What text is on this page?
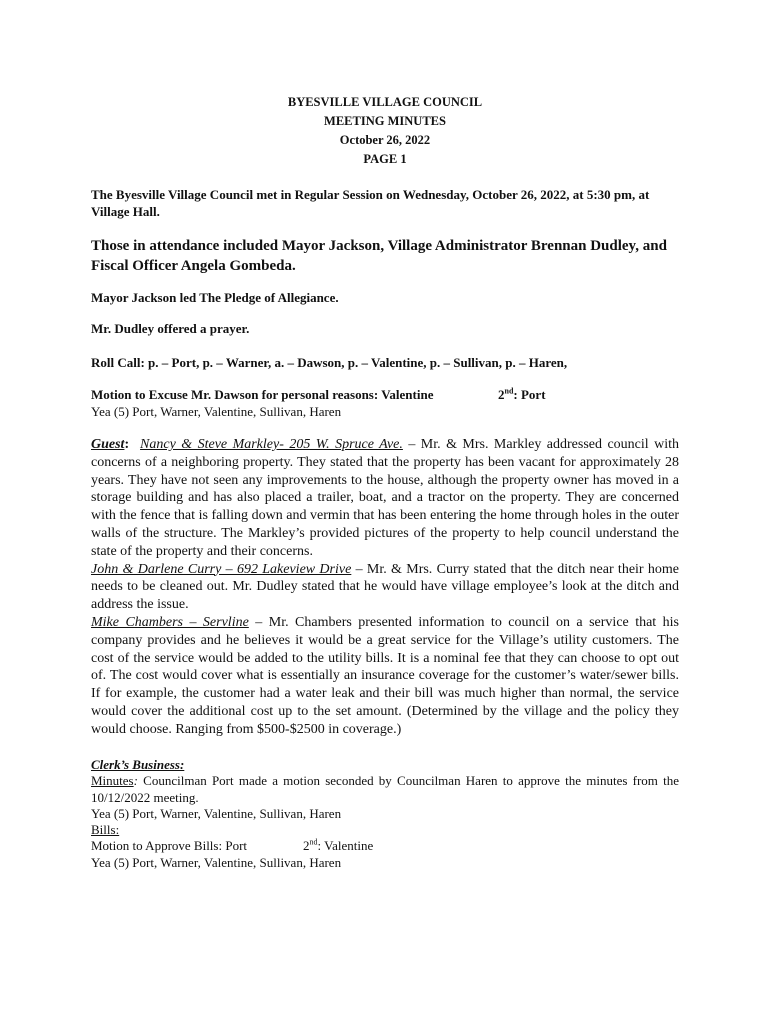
BYESVILLE VILLAGE COUNCIL
MEETING MINUTES
October 26, 2022
PAGE 1
The Byesville Village Council met in Regular Session on Wednesday, October 26, 2022, at 5:30 pm, at Village Hall.
Those in attendance included Mayor Jackson, Village Administrator Brennan Dudley, and Fiscal Officer Angela Gombeda.
Mayor Jackson led The Pledge of Allegiance.
Mr. Dudley offered a prayer.
Roll Call: p. – Port, p. – Warner, a. – Dawson, p. – Valentine, p. – Sullivan, p. – Haren,
Motion to Excuse Mr. Dawson for personal reasons: Valentine	2nd: Port
Yea (5) Port, Warner, Valentine, Sullivan, Haren
Guest: Nancy & Steve Markley- 205 W. Spruce Ave. – Mr. & Mrs. Markley addressed council with concerns of a neighboring property. They stated that the property has been vacant for approximately 28 years. They have not seen any improvements to the house, although the property owner has moved in a storage building and has also placed a trailer, boat, and a tractor on the property. They are concerned with the fence that is falling down and vermin that has been entering the home through holes in the outer walls of the structure. The Markley’s provided pictures of the property to help council understand the state of the property and their concerns.
John & Darlene Curry – 692 Lakeview Drive – Mr. & Mrs. Curry stated that the ditch near their home needs to be cleaned out. Mr. Dudley stated that he would have village employee’s look at the ditch and address the issue.
Mike Chambers – Servline – Mr. Chambers presented information to council on a service that his company provides and he believes it would be a great service for the Village’s utility customers. The cost of the service would be added to the utility bills. It is a nominal fee that they can choose to opt out of. The cost would cover what is essentially an insurance coverage for the customer’s water/sewer bills. If for example, the customer had a water leak and their bill was much higher than normal, the service would cover the additional cost up to the set amount. (Determined by the village and the policy they would choose. Ranging from $500-$2500 in coverage.)
Clerk’s Business:
Minutes: Councilman Port made a motion seconded by Councilman Haren to approve the minutes from the 10/12/2022 meeting.
Yea (5) Port, Warner, Valentine, Sullivan, Haren
Bills:
Motion to Approve Bills: Port	2nd: Valentine
Yea (5) Port, Warner, Valentine, Sullivan, Haren
